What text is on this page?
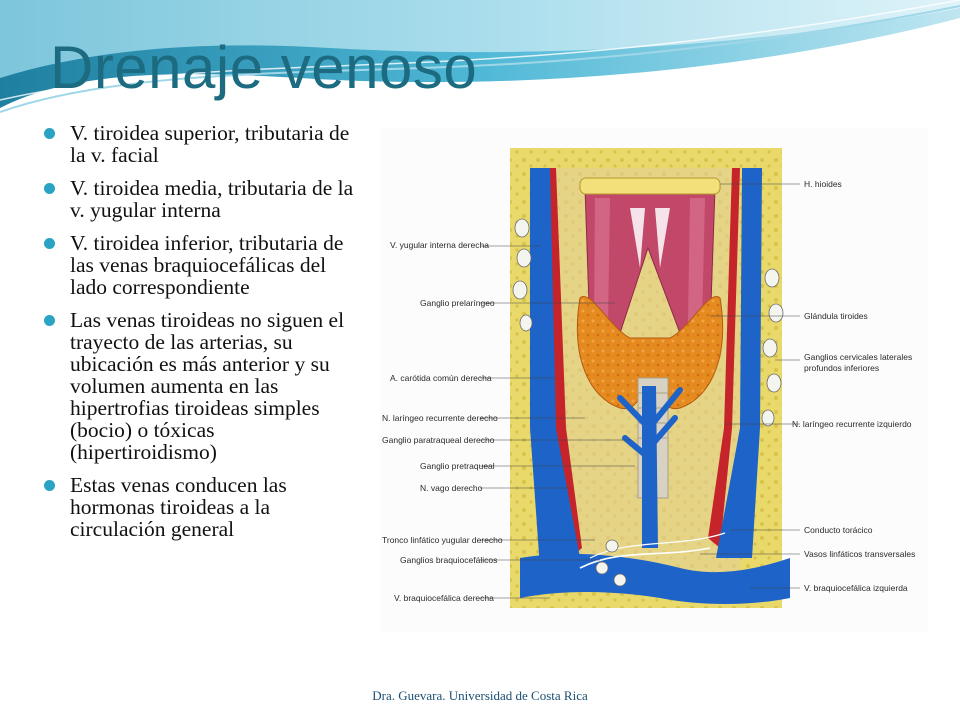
Drenaje venoso
V. tiroidea superior, tributaria de la v. facial
V. tiroidea media, tributaria de la v. yugular interna
V. tiroidea inferior, tributaria de las venas braquiocefálicas del lado correspondiente
Las venas tiroideas no siguen el trayecto de las arterias, su ubicación es más anterior y su volumen aumenta en las hipertrofias tiroideas simples (bocio) o tóxicas (hipertiroidismo)
Estas venas conducen las hormonas tiroideas a la circulación general
V. yugular interna derecha
Ganglio prelaríngeo
A. carótida común derecha
N. laríngeo recurrente derecho
Ganglio paratraqueal derecho
Ganglio pretraqueal
N. vago derecho
Tronco linfático yugular derecho
Ganglios braquiocefálicos
V. braquiocefálica derecha
H. hioides
Glándula tiroides
Ganglios cervicales laterales
profundos inferiores
N. laríngeo recurrente izquierdo
Conducto torácico
Vasos linfáticos transversales
V. braquiocefálica izquierda
Dra. Guevara. Universidad de Costa Rica
